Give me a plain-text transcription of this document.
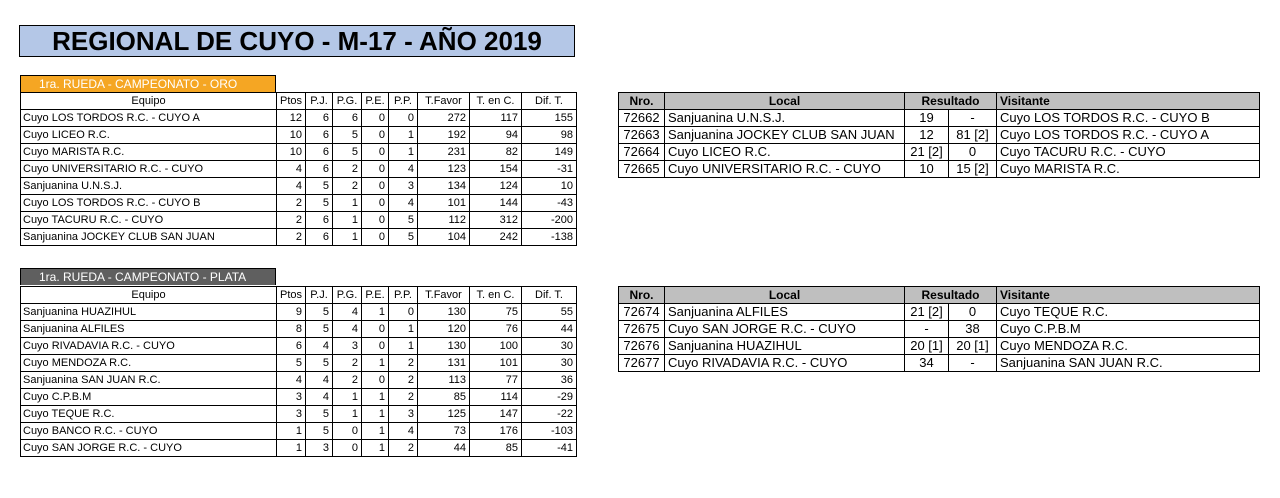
REGIONAL DE CUYO - M-17 - AÑO 2019
1ra. RUEDA - CAMPEONATO - ORO
Equipo	Ptos	P.J.	P.G.	P.E.	P.P.	T.Favor	T. en C.	Dif. T.
Cuyo LOS TORDOS R.C. - CUYO A	12	6	6	0	0	272	117	155
Cuyo LICEO R.C.	10	6	5	0	1	192	94	98
Cuyo MARISTA R.C.	10	6	5	0	1	231	82	149
Cuyo UNIVERSITARIO R.C. - CUYO	4	6	2	0	4	123	154	-31
Sanjuanina U.N.S.J.	4	5	2	0	3	134	124	10
Cuyo LOS TORDOS R.C. - CUYO B	2	5	1	0	4	101	144	-43
Cuyo TACURU R.C. - CUYO	2	6	1	0	5	112	312	-200
Sanjuanina JOCKEY CLUB SAN JUAN	2	6	1	0	5	104	242	-138
Nro.	Local	Resultado		Visitante
72662	Sanjuanina U.N.S.J.	19	-	Cuyo LOS TORDOS R.C. - CUYO B
72663	Sanjuanina JOCKEY CLUB SAN JUAN	12	81 [2]	Cuyo LOS TORDOS R.C. - CUYO A
72664	Cuyo LICEO R.C.	21 [2]	0	Cuyo TACURU R.C. - CUYO
72665	Cuyo UNIVERSITARIO R.C. - CUYO	10	15 [2]	Cuyo MARISTA R.C.
1ra. RUEDA - CAMPEONATO - PLATA
Equipo	Ptos	P.J.	P.G.	P.E.	P.P.	T.Favor	T. en C.	Dif. T.
Sanjuanina HUAZIHUL	9	5	4	1	0	130	75	55
Sanjuanina ALFILES	8	5	4	0	1	120	76	44
Cuyo RIVADAVIA R.C. - CUYO	6	4	3	0	1	130	100	30
Cuyo MENDOZA R.C.	5	5	2	1	2	131	101	30
Sanjuanina SAN JUAN R.C.	4	4	2	0	2	113	77	36
Cuyo C.P.B.M	3	4	1	1	2	85	114	-29
Cuyo TEQUE R.C.	3	5	1	1	3	125	147	-22
Cuyo BANCO R.C. - CUYO	1	5	0	1	4	73	176	-103
Cuyo SAN JORGE R.C. - CUYO	1	3	0	1	2	44	85	-41
Nro.	Local	Resultado		Visitante
72674	Sanjuanina ALFILES	21 [2]	0	Cuyo TEQUE R.C.
72675	Cuyo SAN JORGE R.C. - CUYO	-	38	Cuyo C.P.B.M
72676	Sanjuanina HUAZIHUL	20 [1]	20 [1]	Cuyo MENDOZA R.C.
72677	Cuyo RIVADAVIA R.C. - CUYO	34	-	Sanjuanina SAN JUAN R.C.
